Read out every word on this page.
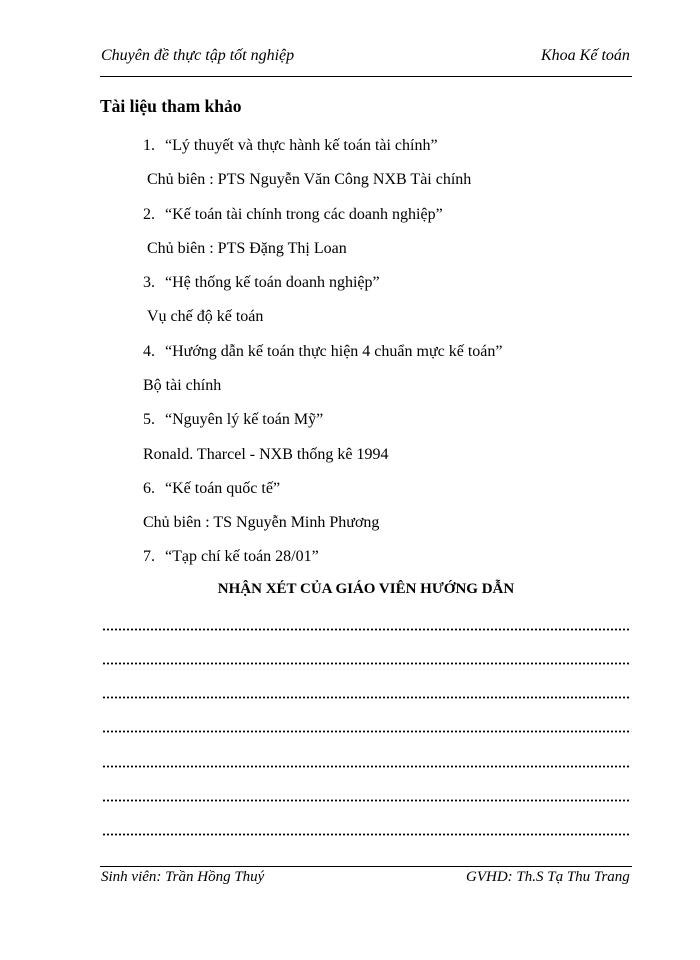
Chuyên đề thực tập tốt nghiệp	Khoa Kế toán
Tài liệu tham khảo
1. “Lý thuyết và thực hành kế toán tài chính”
Chủ biên : PTS Nguyễn Văn Công NXB Tài chính
2. “Kế toán tài chính trong các doanh nghiệp”
Chủ biên : PTS Đặng Thị Loan
3. “Hệ thống kế toán doanh nghiệp”
Vụ chế độ kế toán
4. “Hướng dẫn kế toán thực hiện 4 chuẩn mực kế toán”
Bộ tài chính
5. “Nguyên lý kế toán Mỹ”
Ronald. Tharcel - NXB thống kê 1994
6. “Kế toán quốc tế”
Chủ biên : TS Nguyễn Minh Phương
7. “Tạp chí kế toán 28/01”
NHẬN XÉT CỦA GIÁO VIÊN HƯỚNG DẪN
Sinh viên: Trần Hồng Thuý	GVHD: Th.S Tạ Thu Trang
